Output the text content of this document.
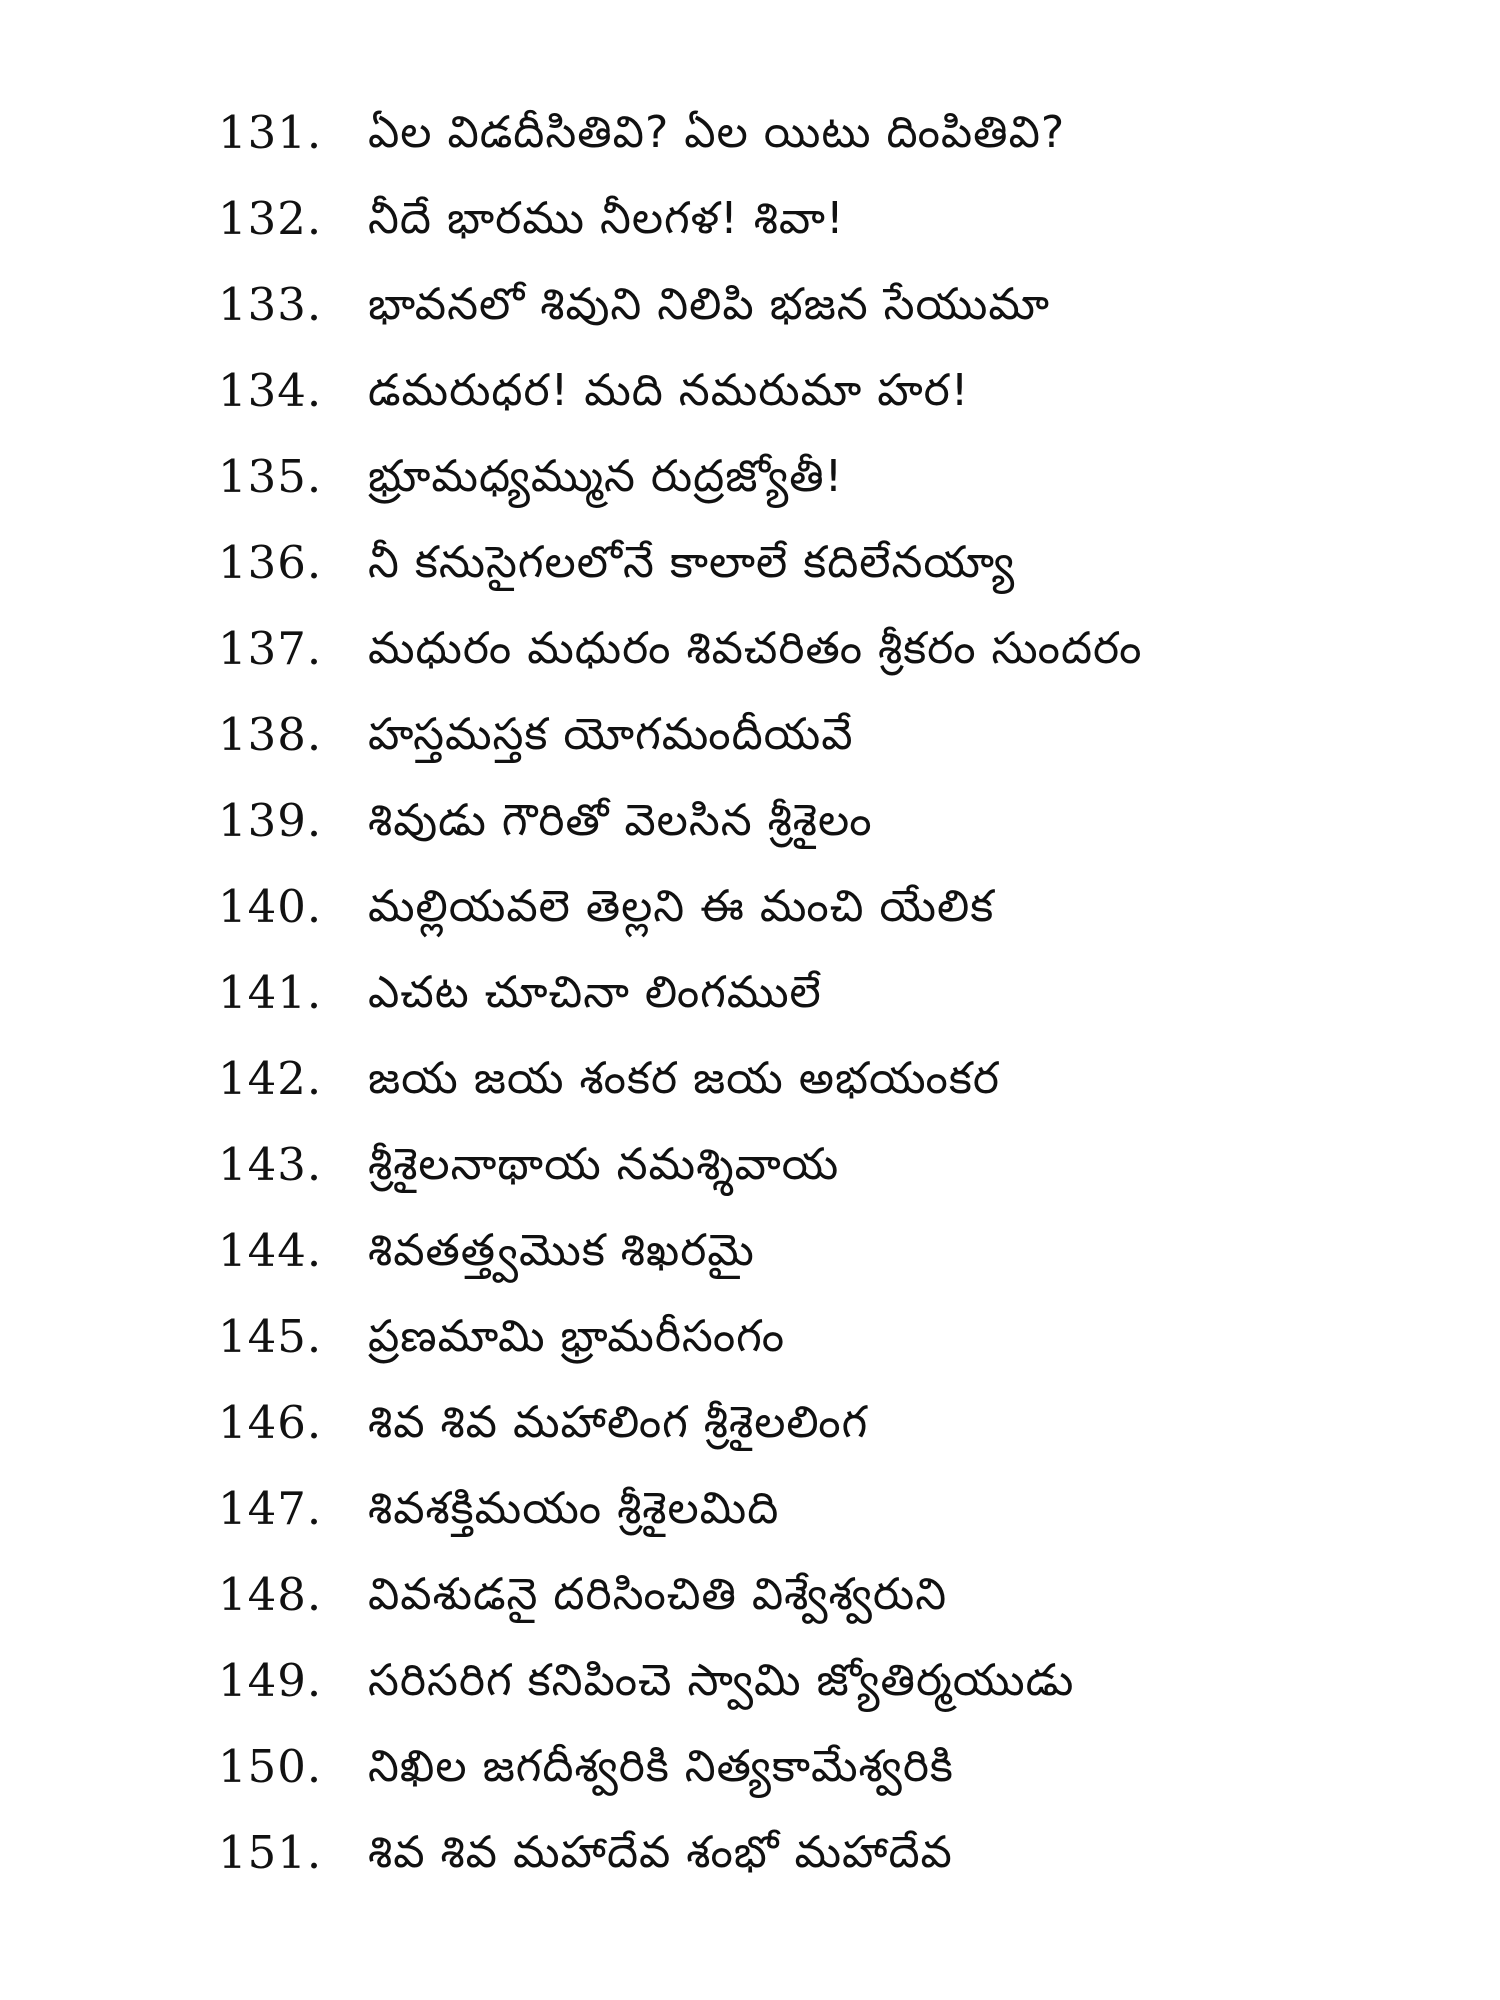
131.	ఏల విడదీసితివి? ఏల యిటు దింపితివి?
132.	నీదే భారము నీలగళ! శివా!
133.	భావనలో శివుని నిలిపి భజన సేయుమా
134.	డమరుధర! మది నమరుమా హర!
135.	భ్రూమధ్యమ్మున రుద్రజ్యోతీ!
136.	నీ కనుసైగలలోనే కాలాలే కదిలేనయ్యా
137.	మధురం మధురం శివచరితం శ్రీకరం సుందరం
138.	హస్తమస్తక యోగమందీయవే
139.	శివుడు గౌరితో వెలసిన శ్రీశైలం
140.	మల్లియవలె తెల్లని ఈ మంచి యేలిక
141.	ఎచట చూచినా లింగములే
142.	జయ జయ శంకర జయ అభయంకర
143.	శ్రీశైలనాథాయ నమశ్శివాయ
144.	శివతత్త్వమొక శిఖరమై
145.	ప్రణమామి భ్రామరీసంగం
146.	శివ శివ మహాలింగ శ్రీశైలలింగ
147.	శివశక్తిమయం శ్రీశైలమిది
148.	వివశుడనై దరిసించితి విశ్వేశ్వరుని
149.	సరిసరిగ కనిపించె స్వామి జ్యోతిర్మయుడు
150.	నిఖిల జగదీశ్వరికి నిత్యకామేశ్వరికి
151.	శివ శివ మహాదేవ శంభో మహాదేవ
